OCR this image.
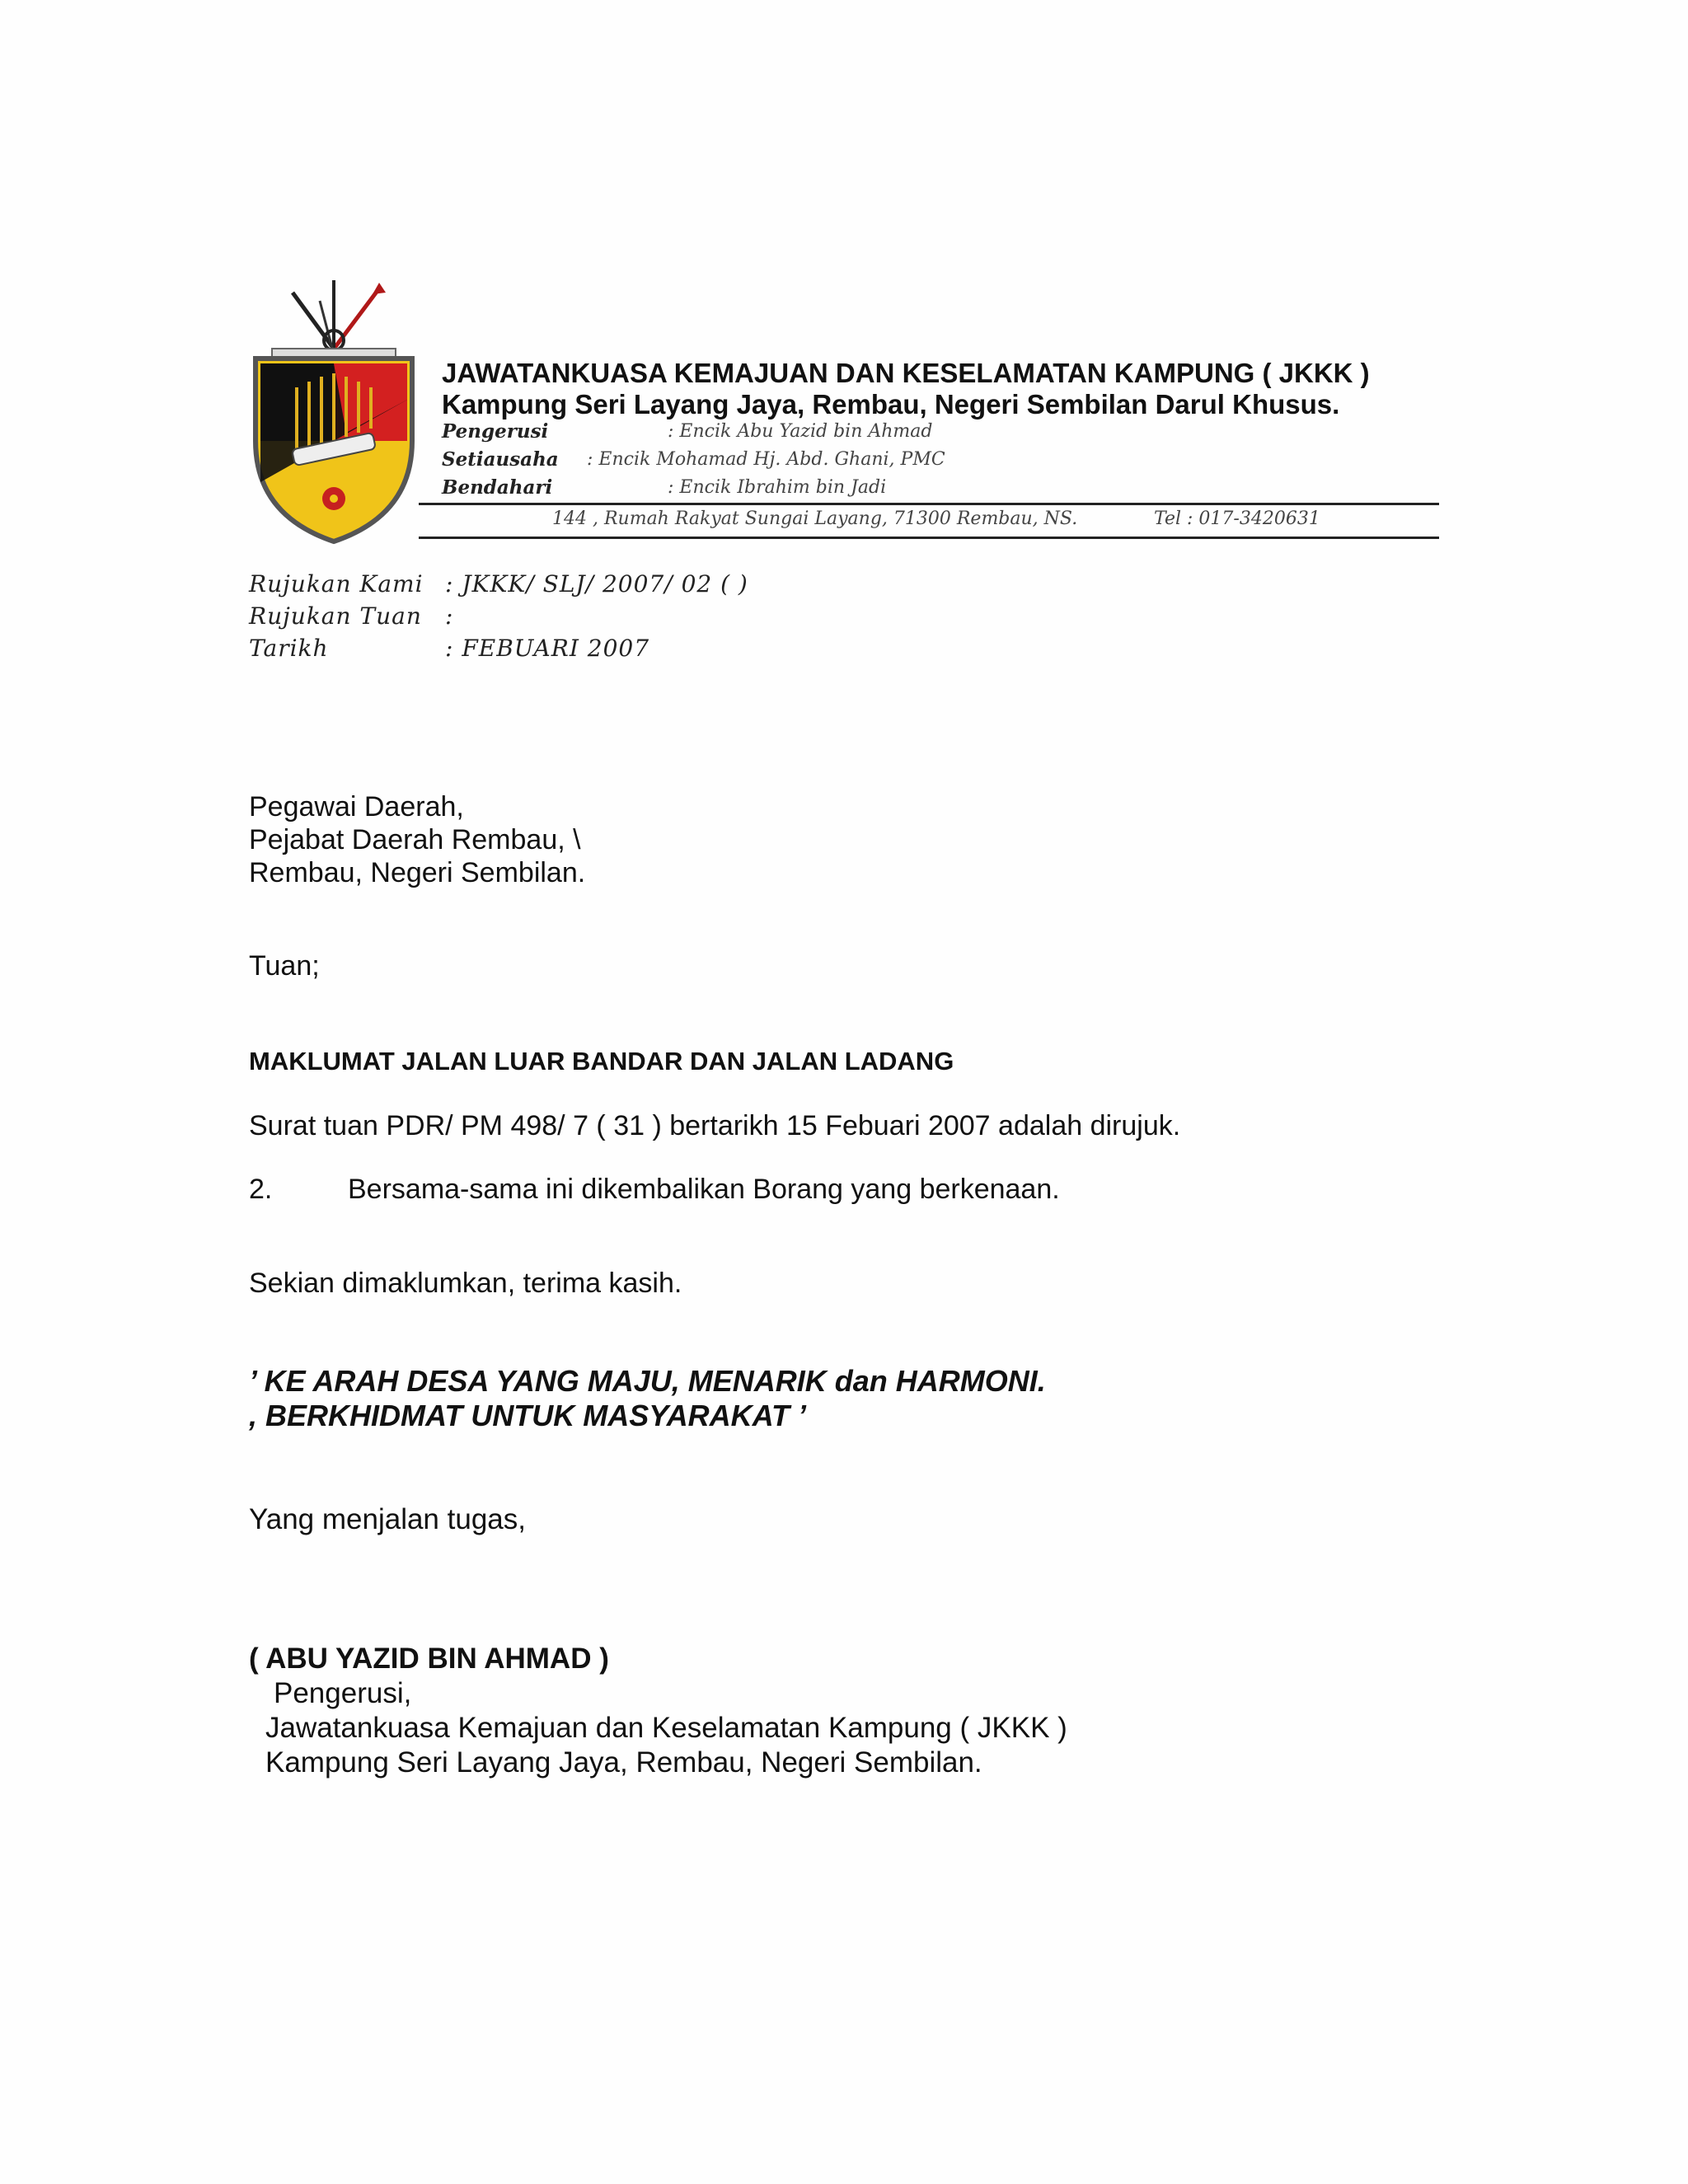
JAWATANKUASA KEMAJUAN DAN KESELAMATAN KAMPUNG ( JKKK )
Kampung Seri Layang Jaya, Rembau, Negeri Sembilan Darul Khusus.
Pengerusi	: Encik Abu Yazid bin Ahmad
Setiausaha : Encik Mohamad Hj. Abd. Ghani, PMC
Bendahari	: Encik Ibrahim bin Jadi
144 , Rumah Rakyat Sungai Layang, 71300 Rembau, NS.	Tel : 017-3420631
Rujukan Kami : JKKK/ SLJ/ 2007/ 02 ( )
Rujukan Tuan :
Tarikh	: FEBUARI 2007
Pegawai Daerah,
Pejabat Daerah Rembau, \
Rembau, Negeri Sembilan.
Tuan;
MAKLUMAT JALAN LUAR BANDAR DAN JALAN LADANG
Surat tuan PDR/ PM 498/ 7 ( 31 ) bertarikh 15 Febuari 2007 adalah dirujuk.
2.	Bersama-sama ini dikembalikan Borang yang berkenaan.
Sekian dimaklumkan, terima kasih.
’ KE ARAH DESA YANG MAJU, MENARIK dan HARMONI.
, BERKHIDMAT UNTUK MASYARAKAT ’
Yang menjalan tugas,
( ABU YAZID BIN AHMAD )
Pengerusi,
Jawatankuasa Kemajuan dan Keselamatan Kampung ( JKKK )
Kampung Seri Layang Jaya, Rembau, Negeri Sembilan.
